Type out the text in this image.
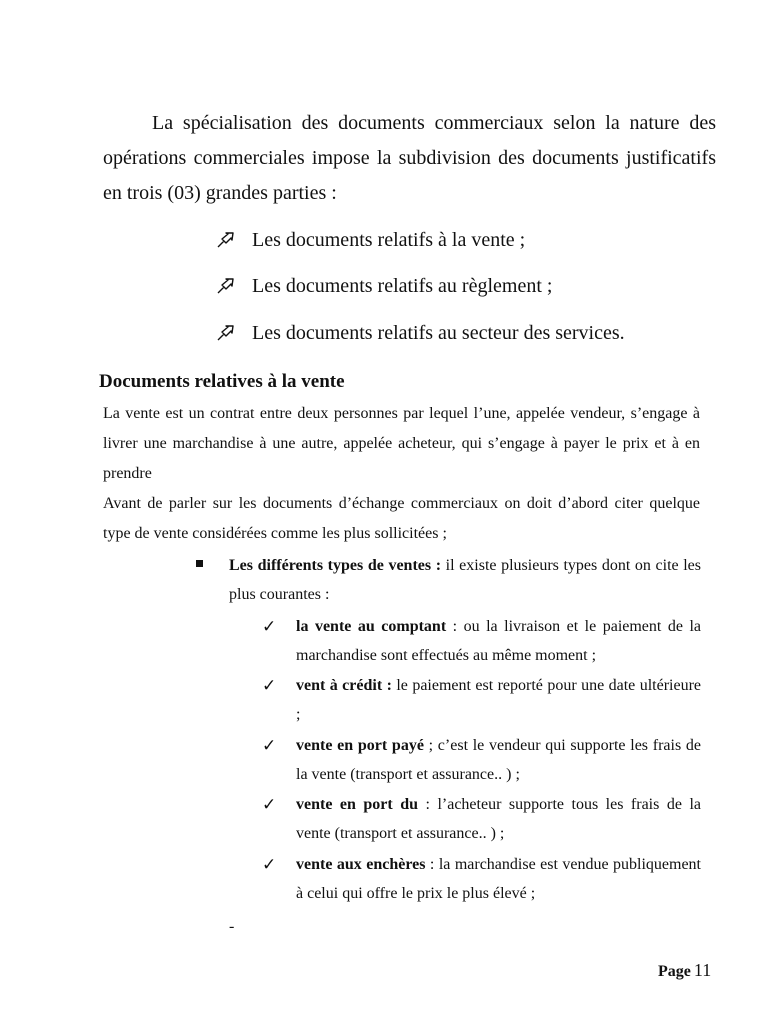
La spécialisation des documents commerciaux selon la nature des opérations commerciales impose la subdivision des documents justificatifs en trois (03) grandes parties :

Les documents relatifs à la vente ;
Les documents relatifs au règlement ;
Les documents relatifs au secteur des services.
Documents relatives à la vente

La vente est un contrat entre deux personnes par lequel l’une, appelée vendeur, s’engage à livrer une marchandise à une autre, appelée acheteur, qui s’engage à payer le prix et à en prendre

Avant de parler sur les documents d’échange commerciaux on doit d’abord citer quelque type de vente considérées comme les plus sollicitées ;

Les différents types de ventes : il existe plusieurs types dont on cite les plus courantes :

✓ la vente au comptant : ou la livraison et le paiement de la marchandise sont effectués au même moment ;

✓ vent à crédit : le paiement est reporté pour une date ultérieure ;

✓ vente en port payé ; c’est le vendeur qui supporte les frais de la vente (transport et assurance.. ) ;

✓ vente en port du : l’acheteur supporte tous les frais de la vente (transport et assurance.. ) ;

✓ vente aux enchères : la marchandise est vendue publiquement à celui qui offre le prix le plus élevé ;

-
Page 11
